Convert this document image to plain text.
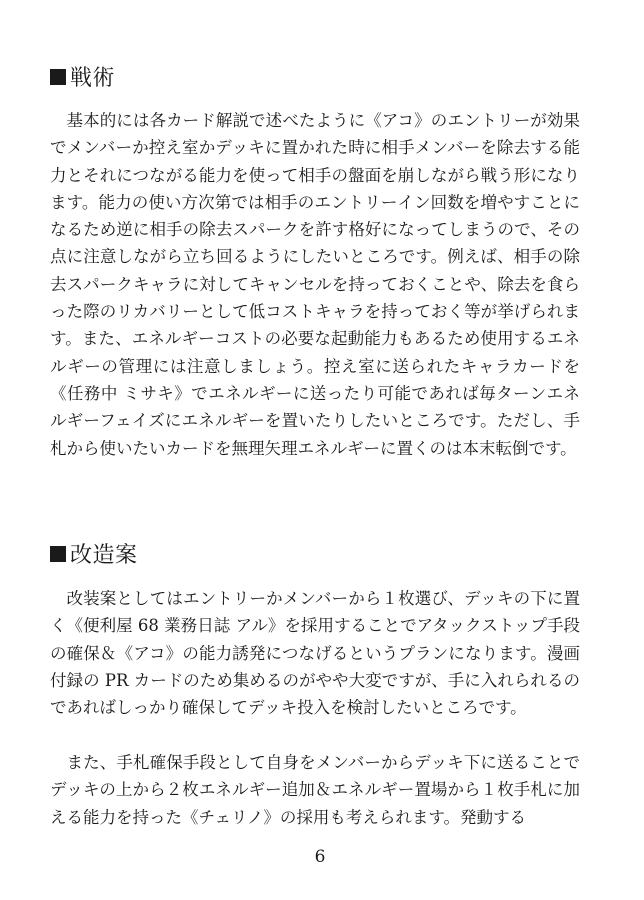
戦術

基本的には各カード解説で述べたように《アコ》のエントリーが効果でメンバーか控え室かデッキに置かれた時に相手メンバーを除去する能力とそれにつながる能力を使って相手の盤面を崩しながら戦う形になります。能力の使い方次第では相手のエントリーイン回数を増やすことになるため逆に相手の除去スパークを許す格好になってしまうので、その点に注意しながら立ち回るようにしたいところです。例えば、相手の除去スパークキャラに対してキャンセルを持っておくことや、除去を食らった際のリカバリーとして低コストキャラを持っておく等が挙げられます。また、エネルギーコストの必要な起動能力もあるため使用するエネルギーの管理には注意しましょう。控え室に送られたキャラカードを《任務中 ミサキ》でエネルギーに送ったり可能であれば毎ターンエネルギーフェイズにエネルギーを置いたりしたいところです。ただし、手札から使いたいカードを無理矢理エネルギーに置くのは本末転倒です。

改造案

改装案としてはエントリーかメンバーから１枚選び、デッキの下に置く《便利屋 68 業務日誌 アル》を採用することでアタックストップ手段の確保＆《アコ》の能力誘発につなげるというプランになります。漫画付録の PR カードのため集めるのがやや大変ですが、手に入れられるのであればしっかり確保してデッキ投入を検討したいところです。

また、手札確保手段として自身をメンバーからデッキ下に送ることでデッキの上から２枚エネルギー追加＆エネルギー置場から１枚手札に加える能力を持った《チェリノ》の採用も考えられます。発動する

6
